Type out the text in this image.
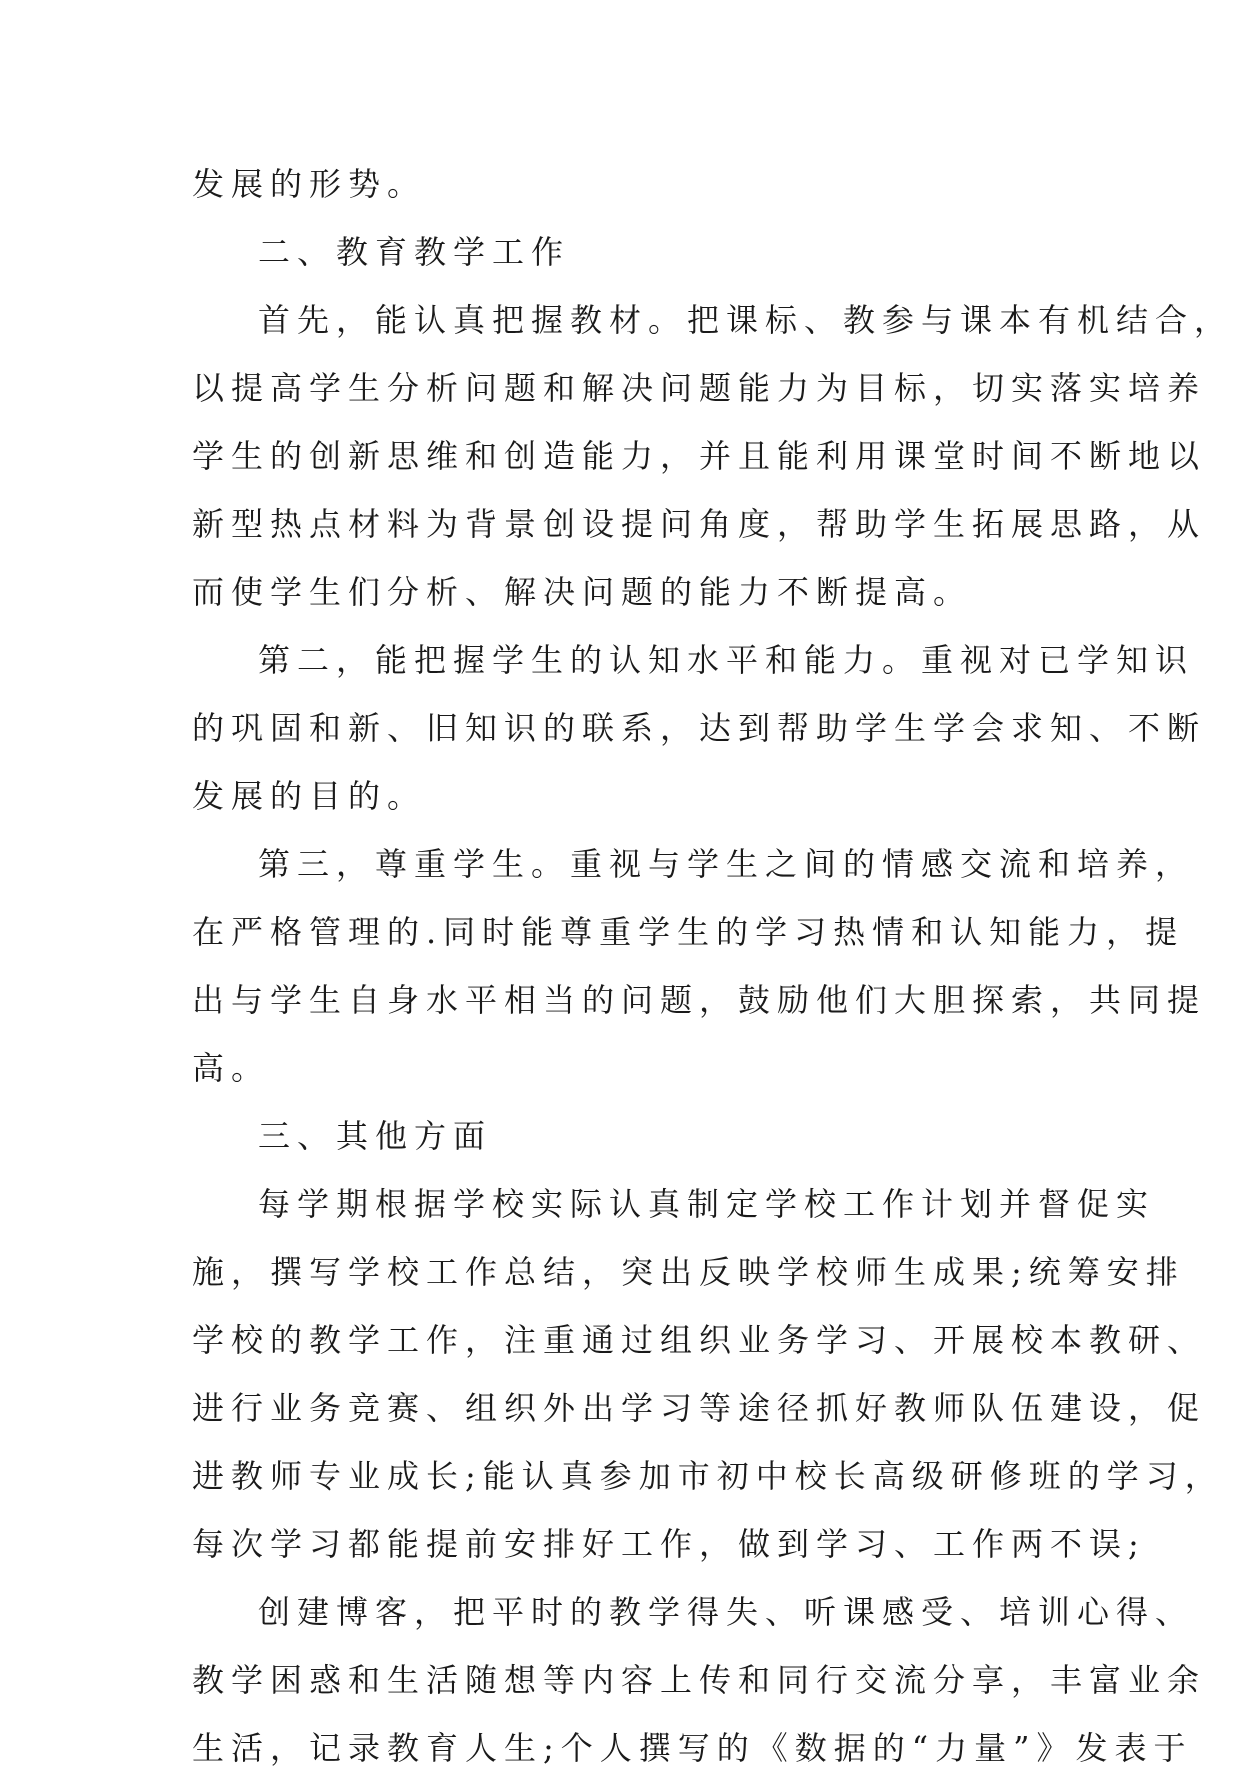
发展的形势。
二、教育教学工作
首先，能认真把握教材。把课标、教参与课本有机结合，
以提高学生分析问题和解决问题能力为目标，切实落实培养
学生的创新思维和创造能力，并且能利用课堂时间不断地以
新型热点材料为背景创设提问角度，帮助学生拓展思路，从
而使学生们分析、解决问题的能力不断提高。
第二，能把握学生的认知水平和能力。重视对已学知识
的巩固和新、旧知识的联系，达到帮助学生学会求知、不断
发展的目的。
第三，尊重学生。重视与学生之间的情感交流和培养，
在严格管理的.同时能尊重学生的学习热情和认知能力，提
出与学生自身水平相当的问题，鼓励他们大胆探索，共同提
高。
三、其他方面
每学期根据学校实际认真制定学校工作计划并督促实
施，撰写学校工作总结，突出反映学校师生成果;统筹安排
学校的教学工作，注重通过组织业务学习、开展校本教研、
进行业务竞赛、组织外出学习等途径抓好教师队伍建设，促
进教师专业成长;能认真参加市初中校长高级研修班的学习，
每次学习都能提前安排好工作，做到学习、工作两不误;
创建博客，把平时的教学得失、听课感受、培训心得、
教学困惑和生活随想等内容上传和同行交流分享，丰富业余
生活，记录教育人生;个人撰写的《数据的“力量”》发表于
